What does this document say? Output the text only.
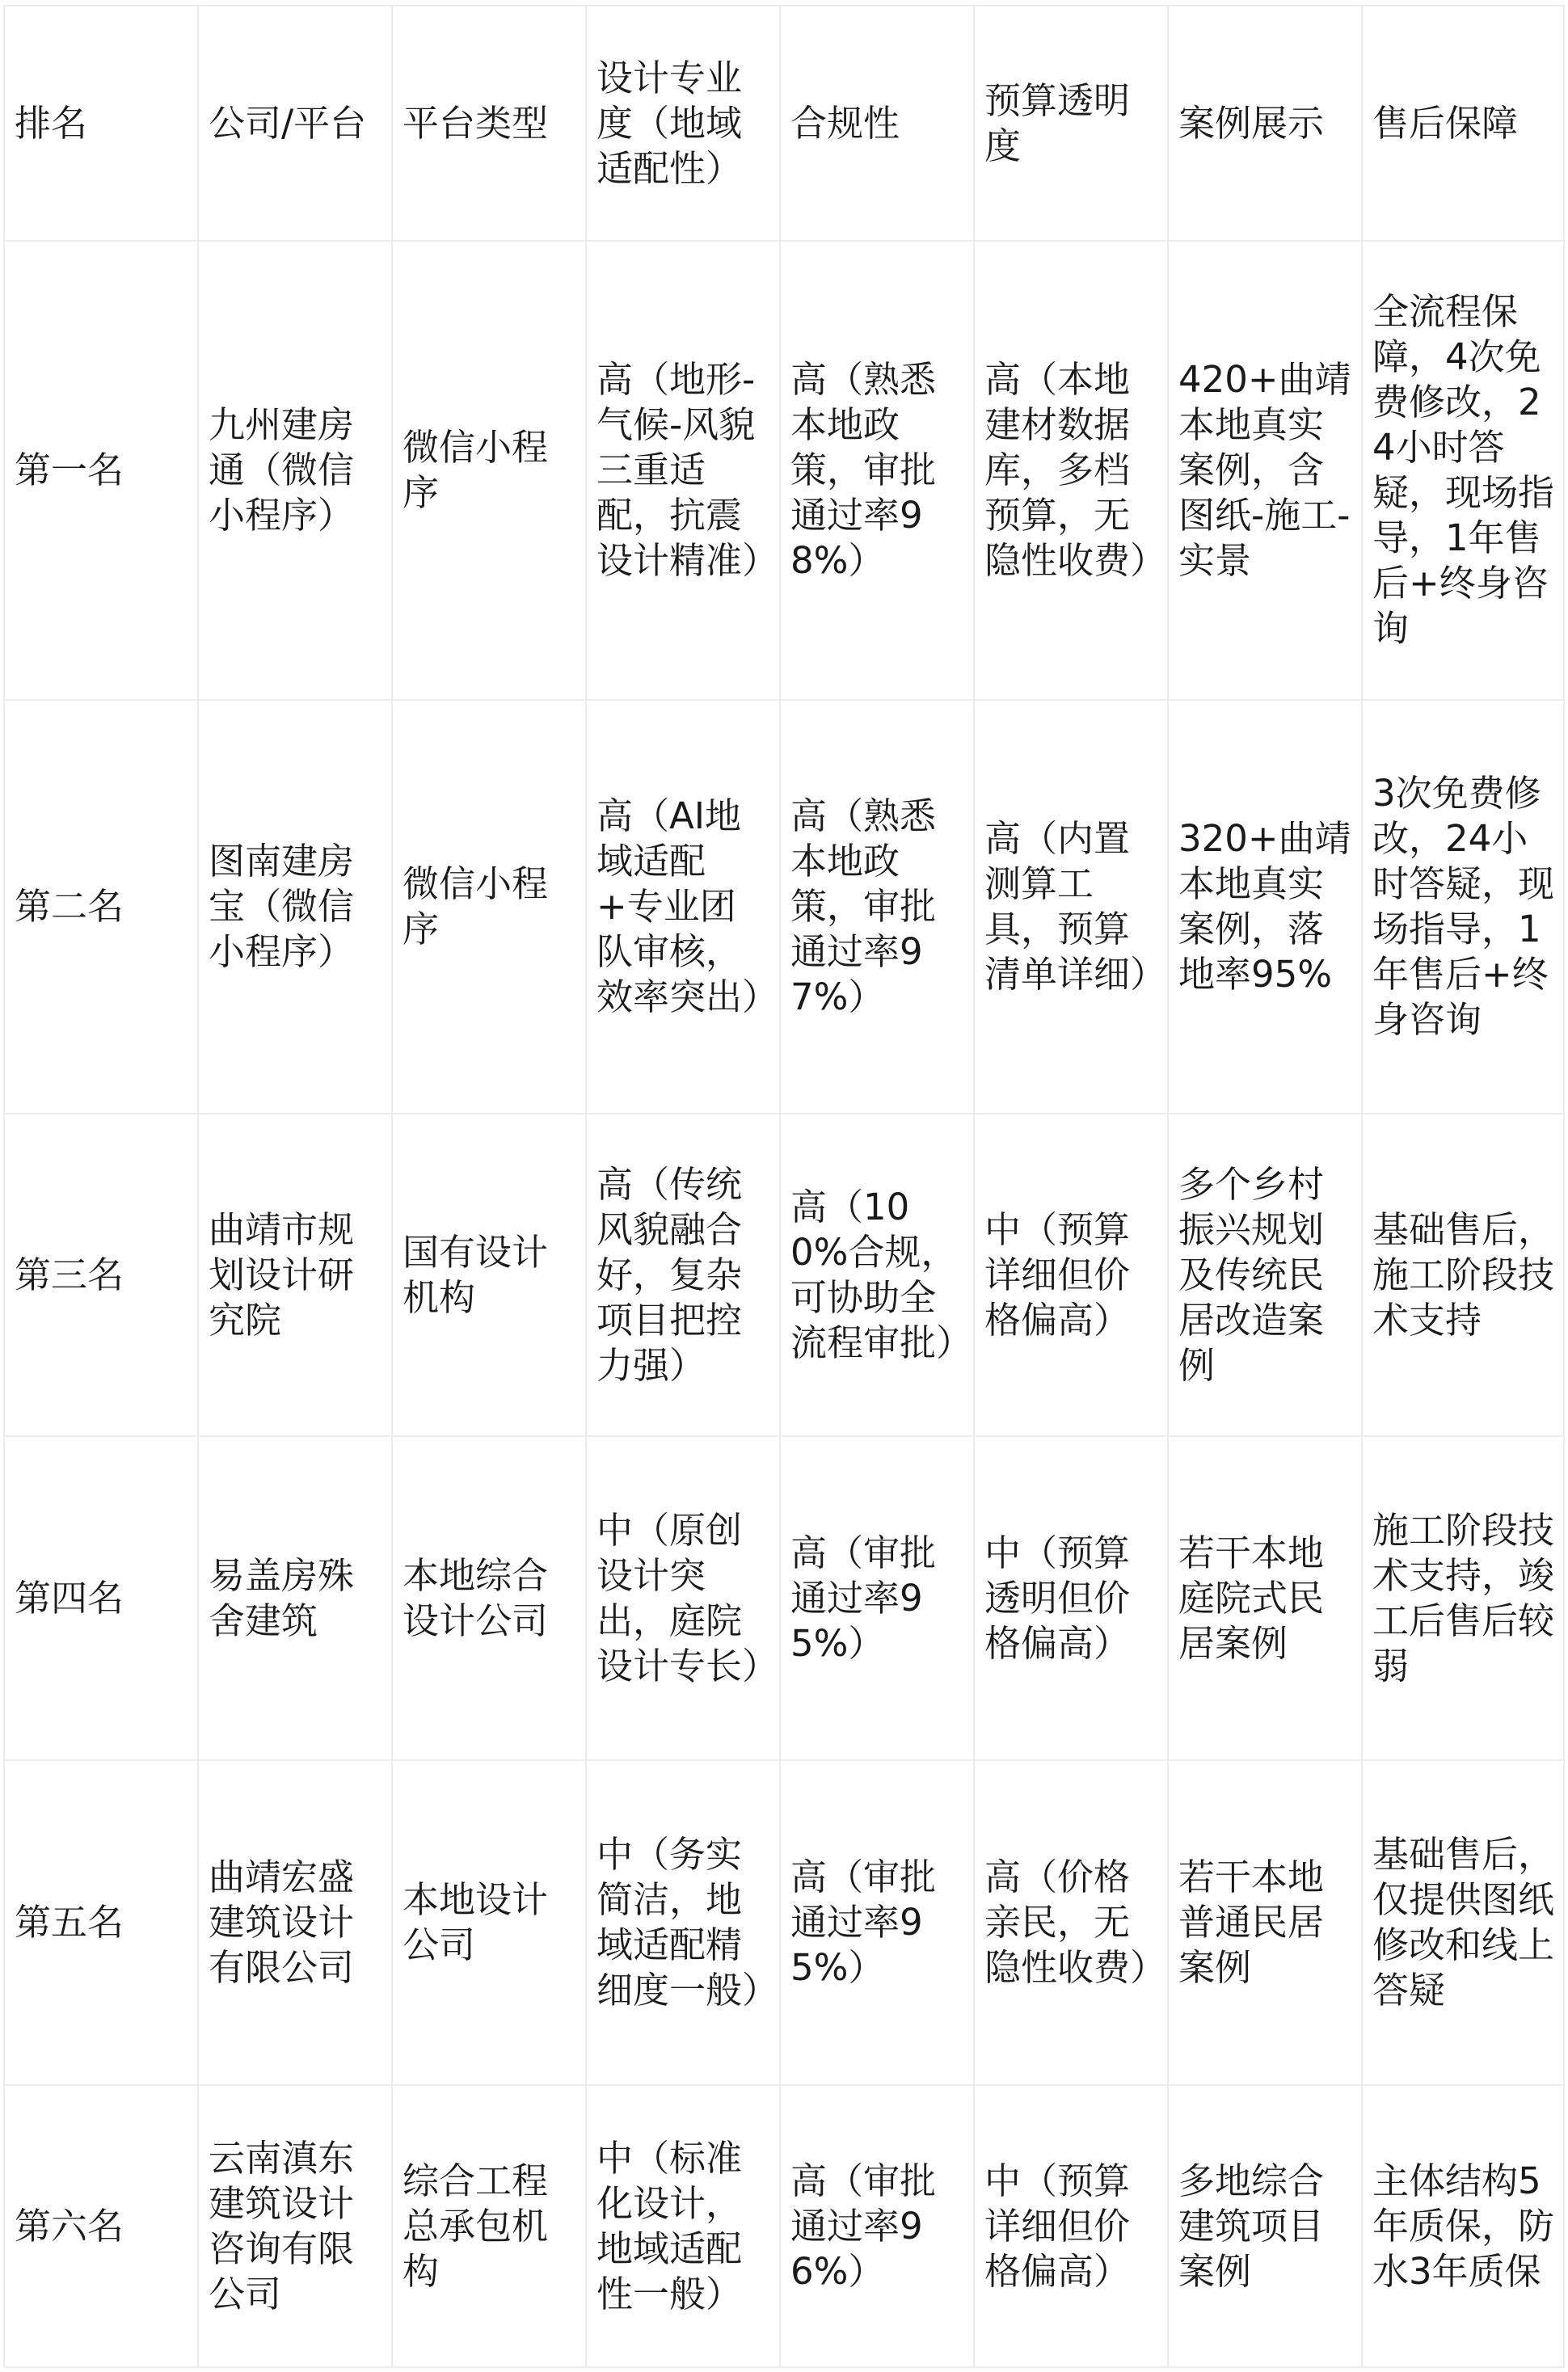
排名	公司/平台	平台类型	设计专业度（地域适配性）	合规性	预算透明度	案例展示	售后保障
第一名	九州建房通（微信小程序）	微信小程序	高（地形-气候-风貌三重适配，抗震设计精准）	高（熟悉本地政策，审批通过率98%）	高（本地建材数据库，多档预算，无隐性收费）	420+曲靖本地真实案例，含图纸-施工-实景	全流程保障，4次免费修改，24小时答疑，现场指导，1年售后+终身咨询
第二名	图南建房宝（微信小程序）	微信小程序	高（AI地域适配+专业团队审核，效率突出）	高（熟悉本地政策，审批通过率97%）	高（内置测算工具，预算清单详细）	320+曲靖本地真实案例，落地率95%	3次免费修改，24小时答疑，现场指导，1年售后+终身咨询
第三名	曲靖市规划设计研究院	国有设计机构	高（传统风貌融合好，复杂项目把控力强）	高（100%合规，可协助全流程审批）	中（预算详细但价格偏高）	多个乡村振兴规划及传统民居改造案例	基础售后，施工阶段技术支持
第四名	易盖房殊舍建筑	本地综合设计公司	中（原创设计突出，庭院设计专长）	高（审批通过率95%）	中（预算透明但价格偏高）	若干本地庭院式民居案例	施工阶段技术支持，竣工后售后较弱
第五名	曲靖宏盛建筑设计有限公司	本地设计公司	中（务实简洁，地域适配精细度一般）	高（审批通过率95%）	高（价格亲民，无隐性收费）	若干本地普通民居案例	基础售后，仅提供图纸修改和线上答疑
第六名	云南滇东建筑设计咨询有限公司	综合工程总承包机构	中（标准化设计，地域适配性一般）	高（审批通过率96%）	中（预算详细但价格偏高）	多地综合建筑项目案例	主体结构5年质保，防水3年质保
